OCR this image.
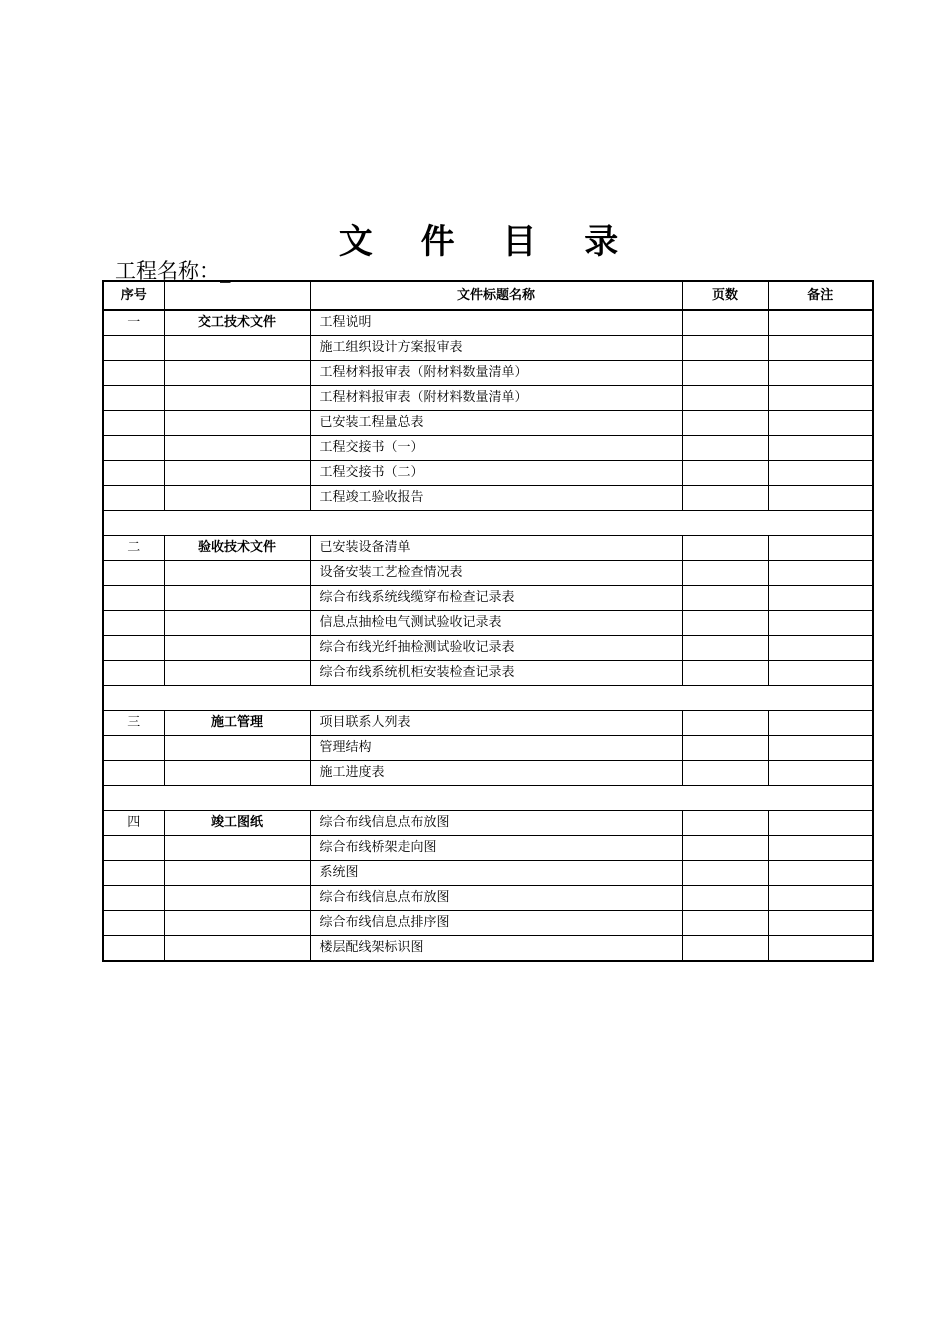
文 件 目 录
工程名称：_
序号		文件标题名称	页数	备注
一	交工技术文件	工程说明		
		施工组织设计方案报审表		
		工程材料报审表（附材料数量清单）		
		工程材料报审表（附材料数量清单）		
		已安装工程量总表		
		工程交接书（一）		
		工程交接书（二）		
		工程竣工验收报告		

二	验收技术文件	已安装设备清单		
		设备安装工艺检查情况表		
		综合布线系统线缆穿布检查记录表		
		信息点抽检电气测试验收记录表		
		综合布线光纤抽检测试验收记录表		
		综合布线系统机柜安装检查记录表		

三	施工管理	项目联系人列表		
		管理结构		
		施工进度表		

四	竣工图纸	综合布线信息点布放图		
		综合布线桥架走向图		
		系统图		
		综合布线信息点布放图		
		综合布线信息点排序图		
		楼层配线架标识图		
